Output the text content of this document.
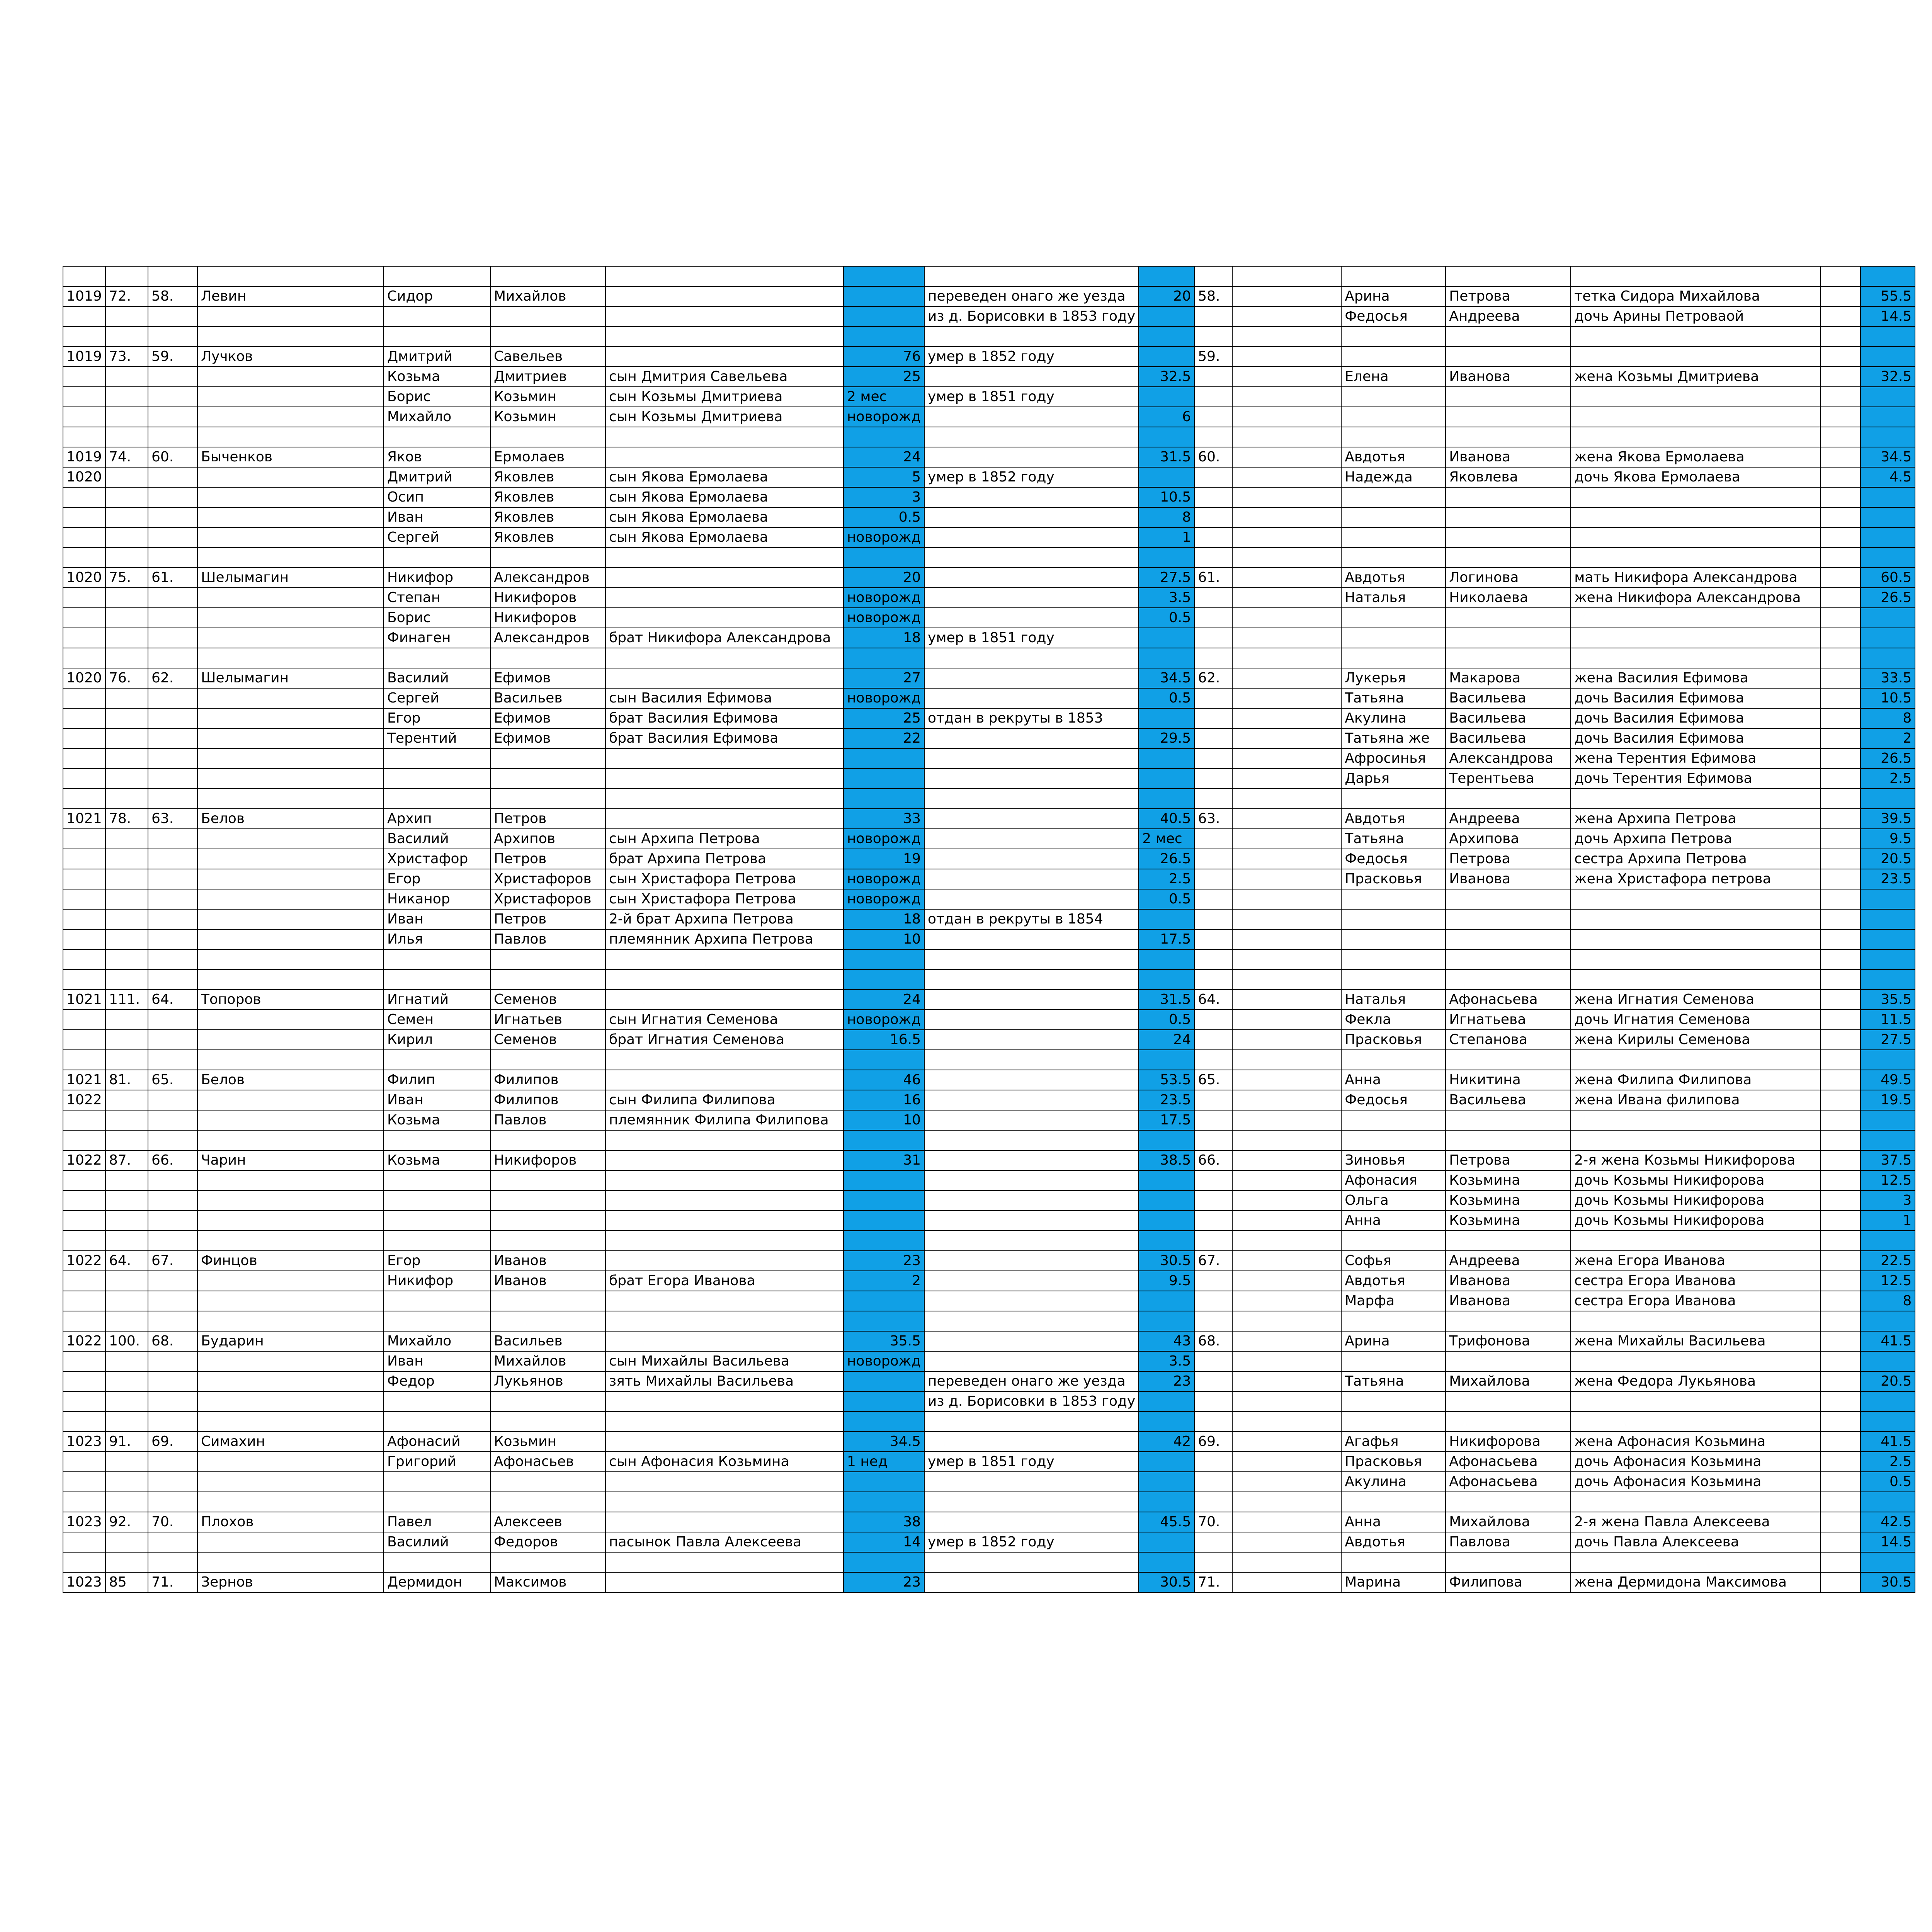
1019	72.	58.	Левин	Сидор	Михайлов			переведен онаго же уезда	20	58.		Арина	Петрова	тетка Сидора Михайлова		55.5
								из д. Борисовки в 1853 году				Федосья	Андреева	дочь Арины Петроваой		14.5

1019	73.	59.	Лучков	Дмитрий	Савельев		76	умер в 1852 году		59.						
				Козьма	Дмитриев	сын Дмитрия Савельева	25		32.5			Елена	Иванова	жена Козьмы Дмитриева		32.5
				Борис	Козьмин	сын Козьмы Дмитриева	2 мес	умер в 1851 году								
				Михайло	Козьмин	сын Козьмы Дмитриева	новорожд		6							

1019	74.	60.	Быченков	Яков	Ермолаев		24		31.5	60.		Авдотья	Иванова	жена Якова Ермолаева		34.5
1020				Дмитрий	Яковлев	сын Якова Ермолаева	5	умер в 1852 году				Надежда	Яковлева	дочь Якова Ермолаева		4.5
				Осип	Яковлев	сын Якова Ермолаева	3		10.5							
				Иван	Яковлев	сын Якова Ермолаева	0.5		8							
				Сергей	Яковлев	сын Якова Ермолаева	новорожд		1							

1020	75.	61.	Шелымагин	Никифор	Александров		20		27.5	61.		Авдотья	Логинова	мать Никифора Александрова		60.5
				Степан	Никифоров		новорожд		3.5			Наталья	Николаева	жена Никифора Александрова		26.5
				Борис	Никифоров		новорожд		0.5							
				Финаген	Александров	брат Никифора Александрова	18	умер в 1851 году								

1020	76.	62.	Шелымагин	Василий	Ефимов		27		34.5	62.		Лукерья	Макарова	жена Василия Ефимова		33.5
				Сергей	Васильев	сын Василия Ефимова	новорожд		0.5			Татьяна	Васильева	дочь Василия Ефимова		10.5
				Егор	Ефимов	брат Василия Ефимова	25	отдан в рекруты в 1853				Акулина	Васильева	дочь Василия Ефимова		8
				Терентий	Ефимов	брат Василия Ефимова	22		29.5			Татьяна же	Васильева	дочь Василия Ефимова		2
												Афросинья	Александрова	жена Терентия Ефимова		26.5
												Дарья	Терентьева	дочь Терентия Ефимова		2.5

1021	78.	63.	Белов	Архип	Петров		33		40.5	63.		Авдотья	Андреева	жена Архипа Петрова		39.5
				Василий	Архипов	сын Архипа Петрова	новорожд		2 мес			Татьяна	Архипова	дочь Архипа Петрова		9.5
				Христафор	Петров	брат Архипа Петрова	19		26.5			Федосья	Петрова	сестра Архипа Петрова		20.5
				Егор	Христафоров	сын Христафора Петрова	новорожд		2.5			Прасковья	Иванова	жена Христафора петрова		23.5
				Никанор	Христафоров	сын Христафора Петрова	новорожд		0.5							
				Иван	Петров	2-й брат Архипа Петрова	18	отдан в рекруты в 1854								
				Илья	Павлов	племянник Архипа Петрова	10		17.5							

1021	111.	64.	Топоров	Игнатий	Семенов		24		31.5	64.		Наталья	Афонасьева	жена Игнатия Семенова		35.5
				Семен	Игнатьев	сын Игнатия Семенова	новорожд		0.5			Фекла	Игнатьева	дочь Игнатия Семенова		11.5
				Кирил	Семенов	брат Игнатия Семенова	16.5		24			Прасковья	Степанова	жена Кирилы Семенова		27.5

1021	81.	65.	Белов	Филип	Филипов		46		53.5	65.		Анна	Никитина	жена Филипа Филипова		49.5
1022				Иван	Филипов	сын Филипа Филипова	16		23.5			Федосья	Васильева	жена Ивана филипова		19.5
				Козьма	Павлов	племянник Филипа Филипова	10		17.5							

1022	87.	66.	Чарин	Козьма	Никифоров		31		38.5	66.		Зиновья	Петрова	2-я жена Козьмы Никифорова		37.5
												Афонасия	Козьмина	дочь Козьмы Никифорова		12.5
												Ольга	Козьмина	дочь Козьмы Никифорова		3
												Анна	Козьмина	дочь Козьмы Никифорова		1

1022	64.	67.	Финцов	Егор	Иванов		23		30.5	67.		Софья	Андреева	жена Егора Иванова		22.5
				Никифор	Иванов	брат Егора Иванова	2		9.5			Авдотья	Иванова	сестра Егора Иванова		12.5
												Марфа	Иванова	сестра Егора Иванова		8

1022	100.	68.	Бударин	Михайло	Васильев		35.5		43	68.		Арина	Трифонова	жена Михайлы Васильева		41.5
				Иван	Михайлов	сын Михайлы Васильева	новорожд		3.5							
				Федор	Лукьянов	зять Михайлы Васильева		переведен онаго же уезда	23			Татьяна	Михайлова	жена Федора Лукьянова		20.5
								из д. Борисовки в 1853 году								

1023	91.	69.	Симахин	Афонасий	Козьмин		34.5		42	69.		Агафья	Никифорова	жена Афонасия Козьмина		41.5
				Григорий	Афонасьев	сын Афонасия Козьмина	1 нед	умер в 1851 году				Прасковья	Афонасьева	дочь Афонасия Козьмина		2.5
												Акулина	Афонасьева	дочь Афонасия Козьмина		0.5

1023	92.	70.	Плохов	Павел	Алексеев		38		45.5	70.		Анна	Михайлова	2-я жена Павла Алексеева		42.5
				Василий	Федоров	пасынок Павла Алексеева	14	умер в 1852 году				Авдотья	Павлова	дочь Павла Алексеева		14.5

1023	85	71.	Зернов	Дермидон	Максимов		23		30.5	71.		Марина	Филипова	жена Дермидона Максимова		30.5
